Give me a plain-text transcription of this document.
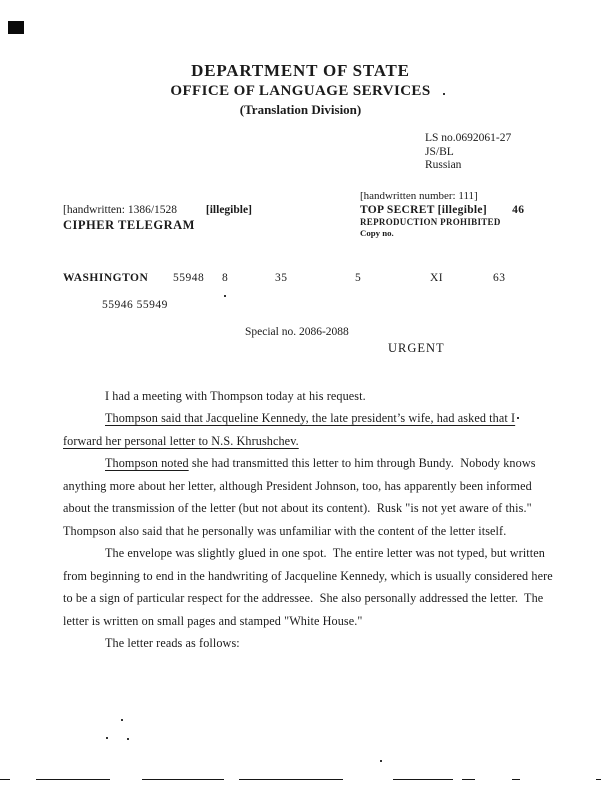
DEPARTMENT OF STATE
OFFICE OF LANGUAGE SERVICES
(Translation Division)
LS no.0692061-27
JS/BL
Russian
[handwritten number: 111]
TOP SECRET [illegible] 46
REPRODUCTION PROHIBITED
Copy no.
[handwritten: 1386/1528	[illegible]
CIPHER TELEGRAM
WASHINGTON 55948 8	35	5	XI	63
55946 55949
Special no. 2086-2088
URGENT
I had a meeting with Thompson today at his request.
Thompson said that Jacqueline Kennedy, the late president’s wife, had asked that I
forward her personal letter to N.S. Khrushchev.
Thompson noted she had transmitted this letter to him through Bundy.  Nobody knows
anything more about her letter, although President Johnson, too, has apparently been informed
about the transmission of the letter (but not about its content).  Rusk "is not yet aware of this."
Thompson also said that he personally was unfamiliar with the content of the letter itself.
The envelope was slightly glued in one spot.  The entire letter was not typed, but written
from beginning to end in the handwriting of Jacqueline Kennedy, which is usually considered here
to be a sign of particular respect for the addressee.  She also personally addressed the letter.  The
letter is written on small pages and stamped "White House."
The letter reads as follows:
